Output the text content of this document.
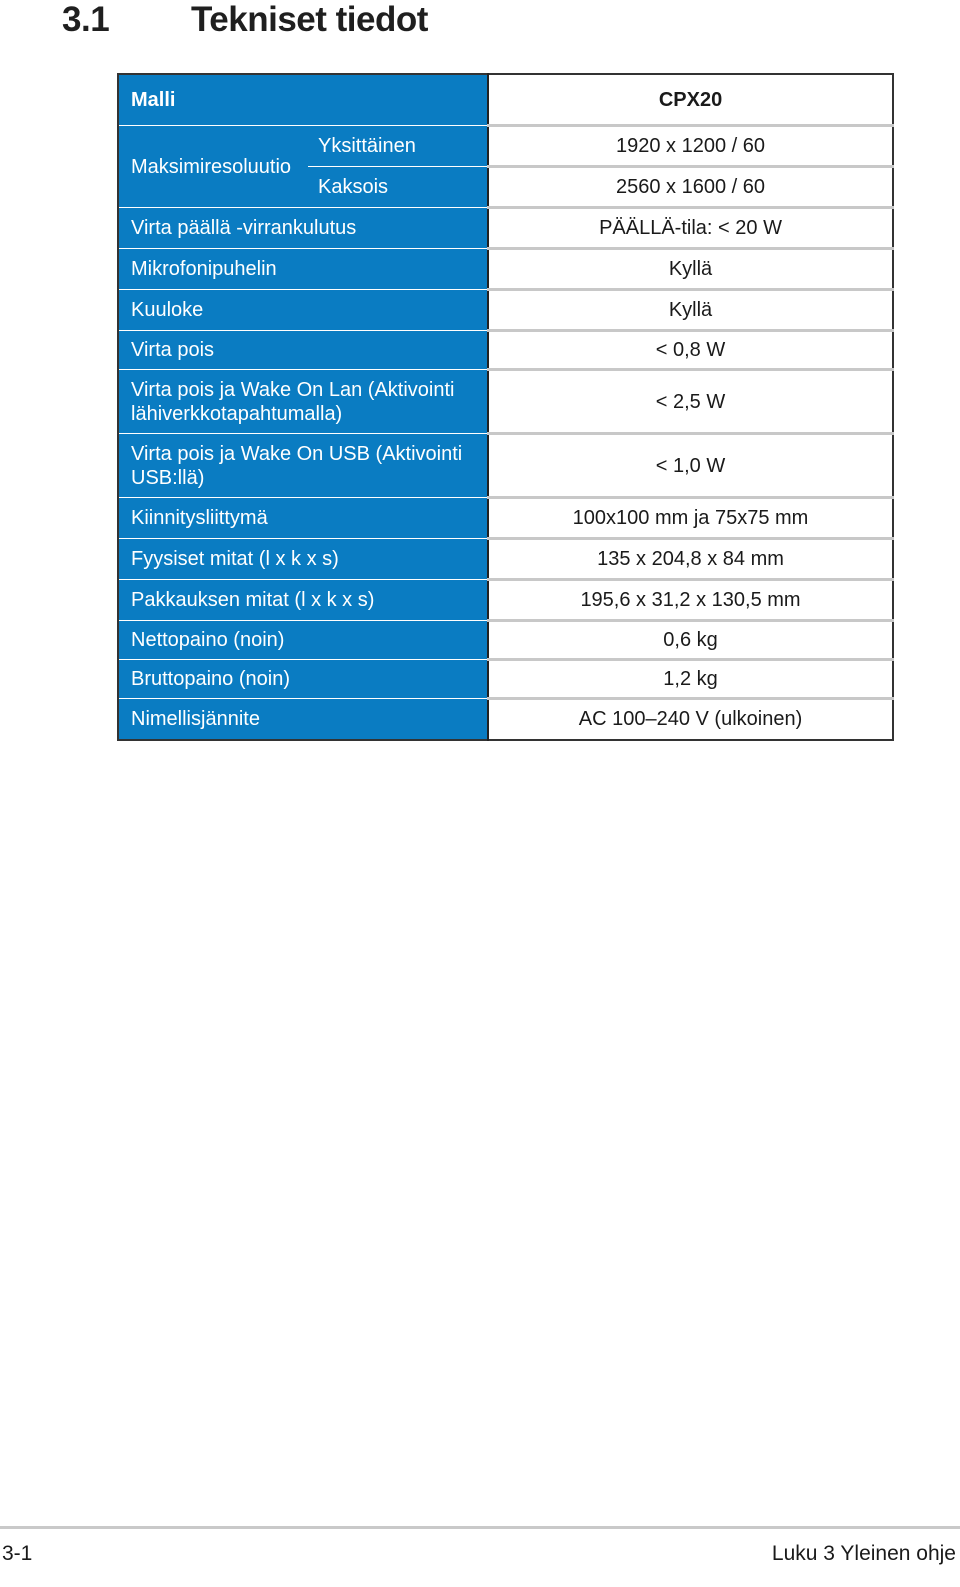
3.1 Tekniset tiedot
Malli		CPX20
Maksimiresoluutio	Yksittäinen	1920 x 1200 / 60
	Kaksois	2560 x 1600 / 60
Virta päällä -virrankulutus		PÄÄLLÄ-tila: < 20 W
Mikrofonipuhelin		Kyllä
Kuuloke		Kyllä
Virta pois		< 0,8 W
Virta pois ja Wake On Lan (Aktivointi lähiverkkotapahtumalla)		< 2,5 W
Virta pois ja Wake On USB (Aktivointi USB:llä)		< 1,0 W
Kiinnitysliittymä		100x100 mm ja 75x75 mm
Fyysiset mitat (l x k x s)		135 x 204,8 x 84 mm
Pakkauksen mitat (l x k x s)		195,6 x 31,2 x 130,5 mm
Nettopaino (noin)		0,6 kg
Bruttopaino (noin)		1,2 kg
Nimellisjännite		AC 100–240 V (ulkoinen)
3-1	Luku 3 Yleinen ohje
